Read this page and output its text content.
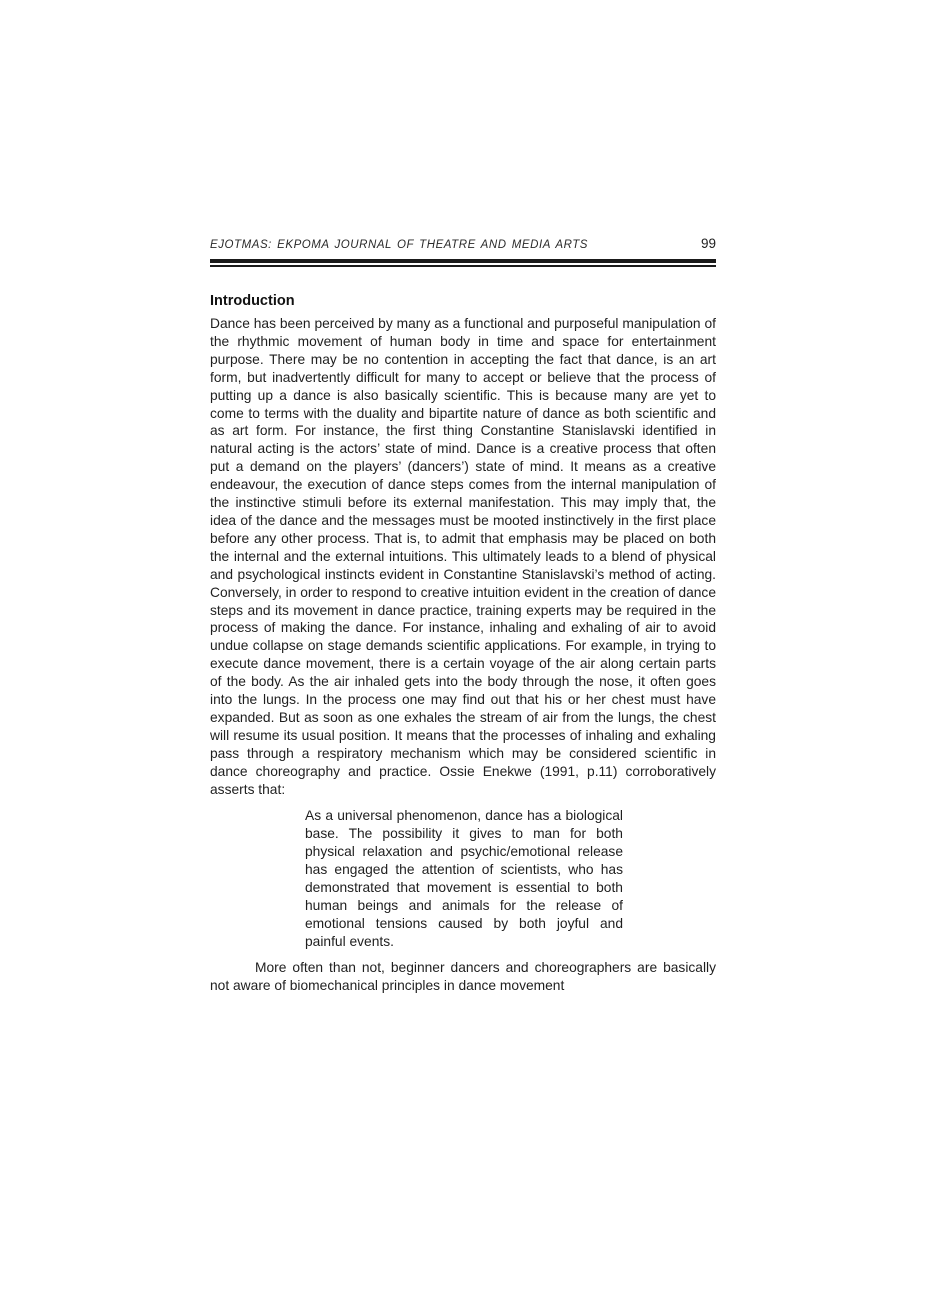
EJOTMAS: EKPOMA JOURNAL OF THEATRE AND MEDIA ARTS	99
Introduction

Dance has been perceived by many as a functional and purposeful manipulation of the rhythmic movement of human body in time and space for entertainment purpose. There may be no contention in accepting the fact that dance, is an art form, but inadvertently difficult for many to accept or believe that the process of putting up a dance is also basically scientific. This is because many are yet to come to terms with the duality and bipartite nature of dance as both scientific and as art form. For instance, the first thing Constantine Stanislavski identified in natural acting is the actors’ state of mind. Dance is a creative process that often put a demand on the players’ (dancers’) state of mind. It means as a creative endeavour, the execution of dance steps comes from the internal manipulation of the instinctive stimuli before its external manifestation. This may imply that, the idea of the dance and the messages must be mooted instinctively in the first place before any other process. That is, to admit that emphasis may be placed on both the internal and the external intuitions. This ultimately leads to a blend of physical and psychological instincts evident in Constantine Stanislavski’s method of acting. Conversely, in order to respond to creative intuition evident in the creation of dance steps and its movement in dance practice, training experts may be required in the process of making the dance. For instance, inhaling and exhaling of air to avoid undue collapse on stage demands scientific applications. For example, in trying to execute dance movement, there is a certain voyage of the air along certain parts of the body. As the air inhaled gets into the body through the nose, it often goes into the lungs. In the process one may find out that his or her chest must have expanded. But as soon as one exhales the stream of air from the lungs, the chest will resume its usual position. It means that the processes of inhaling and exhaling pass through a respiratory mechanism which may be considered scientific in dance choreography and practice. Ossie Enekwe (1991, p.11) corroboratively asserts that:

As a universal phenomenon, dance has a biological base. The possibility it gives to man for both physical relaxation and psychic/emotional release has engaged the attention of scientists, who has demonstrated that movement is essential to both human beings and animals for the release of emotional tensions caused by both joyful and painful events.

More often than not, beginner dancers and choreographers are basically not aware of biomechanical principles in dance movement
